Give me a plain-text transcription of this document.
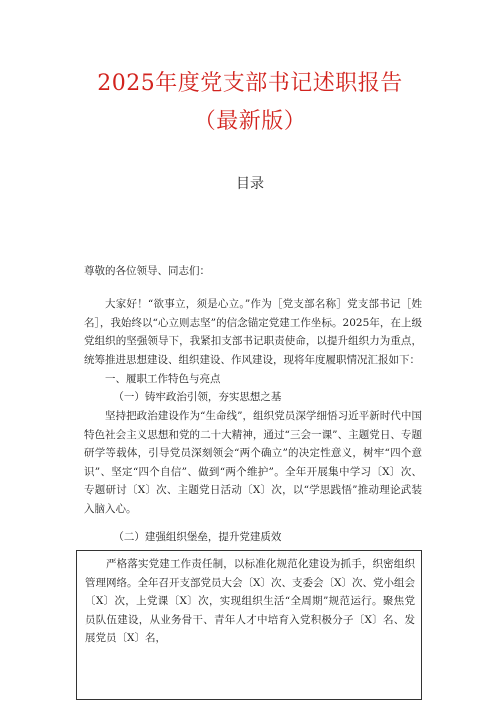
2025年度党支部书记述职报告
（最新版）
目录

尊敬的各位领导、同志们：

大家好！“欲事立，须是心立。”作为［党支部名称］党支部书记［姓名］，我始终以“心立则志坚”的信念锚定党建工作坐标。2025年，在上级党组织的坚强领导下，我紧扣支部书记职责使命，以提升组织力为重点，统筹推进思想建设、组织建设、作风建设，现将年度履职情况汇报如下：

一、履职工作特色与亮点

（一）铸牢政治引领，夯实思想之基

坚持把政治建设作为“生命线”，组织党员深学细悟习近平新时代中国特色社会主义思想和党的二十大精神，通过“三会一课”、主题党日、专题研学等载体，引导党员深刻领会“两个确立”的决定性意义，树牢“四个意识”、坚定“四个自信”、做到“两个维护”。全年开展集中学习〔X〕次、专题研讨〔X〕次、主题党日活动〔X〕次，以“学思践悟”推动理论武装入脑入心。

（二）建强组织堡垒，提升党建质效

严格落实党建工作责任制，以标准化规范化建设为抓手，织密组织管理网络。全年召开支部党员大会〔X〕次、支委会〔X〕次、党小组会〔X〕次，上党课〔X〕次，实现组织生活“全周期”规范运行。聚焦党员队伍建设，从业务骨干、青年人才中培育入党积极分子〔X〕名、发展党员〔X〕名，
